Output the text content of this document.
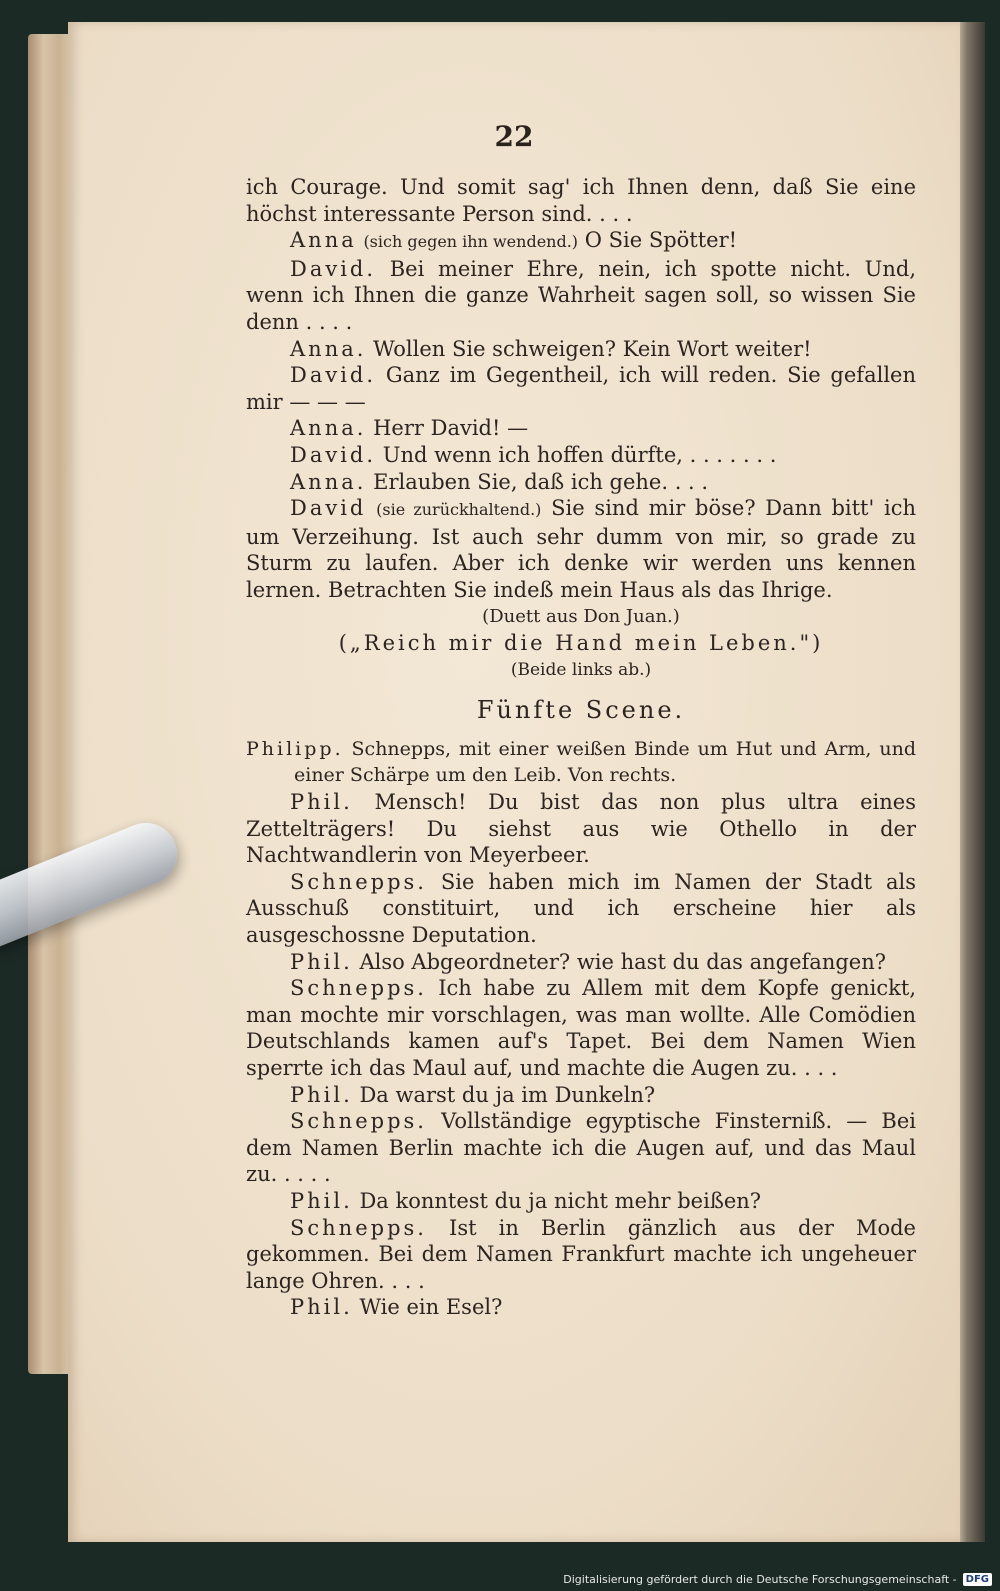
22

ich Courage. Und somit sag' ich Ihnen denn, daß Sie eine höchst interessante Person sind. . . .

Anna (sich gegen ihn wendend.) O Sie Spötter!

David. Bei meiner Ehre, nein, ich spotte nicht. Und, wenn ich Ihnen die ganze Wahrheit sagen soll, so wissen Sie denn . . . .

Anna. Wollen Sie schweigen? Kein Wort weiter!

David. Ganz im Gegentheil, ich will reden. Sie gefallen mir — — —

Anna. Herr David! —

David. Und wenn ich hoffen dürfte, . . . . . . .

Anna. Erlauben Sie, daß ich gehe. . . .

David (sie zurückhaltend.) Sie sind mir böse? Dann bitt' ich um Verzeihung. Ist auch sehr dumm von mir, so grade zu Sturm zu laufen. Aber ich denke wir werden uns kennen lernen. Betrachten Sie indeß mein Haus als das Ihrige.

(Duett aus Don Juan.)

(„Reich mir die Hand mein Leben.")

(Beide links ab.)

Fünfte Scene.

Philipp. Schnepps, mit einer weißen Binde um Hut und Arm, und einer Schärpe um den Leib. Von rechts.

Phil. Mensch! Du bist das non plus ultra eines Zettelträgers! Du siehst aus wie Othello in der Nachtwandlerin von Meyerbeer.

Schnepps. Sie haben mich im Namen der Stadt als Ausschuß constituirt, und ich erscheine hier als ausgeschossne Deputation.

Phil. Also Abgeordneter? wie hast du das angefangen?

Schnepps. Ich habe zu Allem mit dem Kopfe genickt, man mochte mir vorschlagen, was man wollte. Alle Comödien Deutschlands kamen auf's Tapet. Bei dem Namen Wien sperrte ich das Maul auf, und machte die Augen zu. . . .

Phil. Da warst du ja im Dunkeln?

Schnepps. Vollständige egyptische Finsterniß. — Bei dem Namen Berlin machte ich die Augen auf, und das Maul zu. . . . .

Phil. Da konntest du ja nicht mehr beißen?

Schnepps. Ist in Berlin gänzlich aus der Mode gekommen. Bei dem Namen Frankfurt machte ich ungeheuer lange Ohren. . . .

Phil. Wie ein Esel?

Digitalisierung gefördert durch die Deutsche Forschungsgemeinschaft - DFG
